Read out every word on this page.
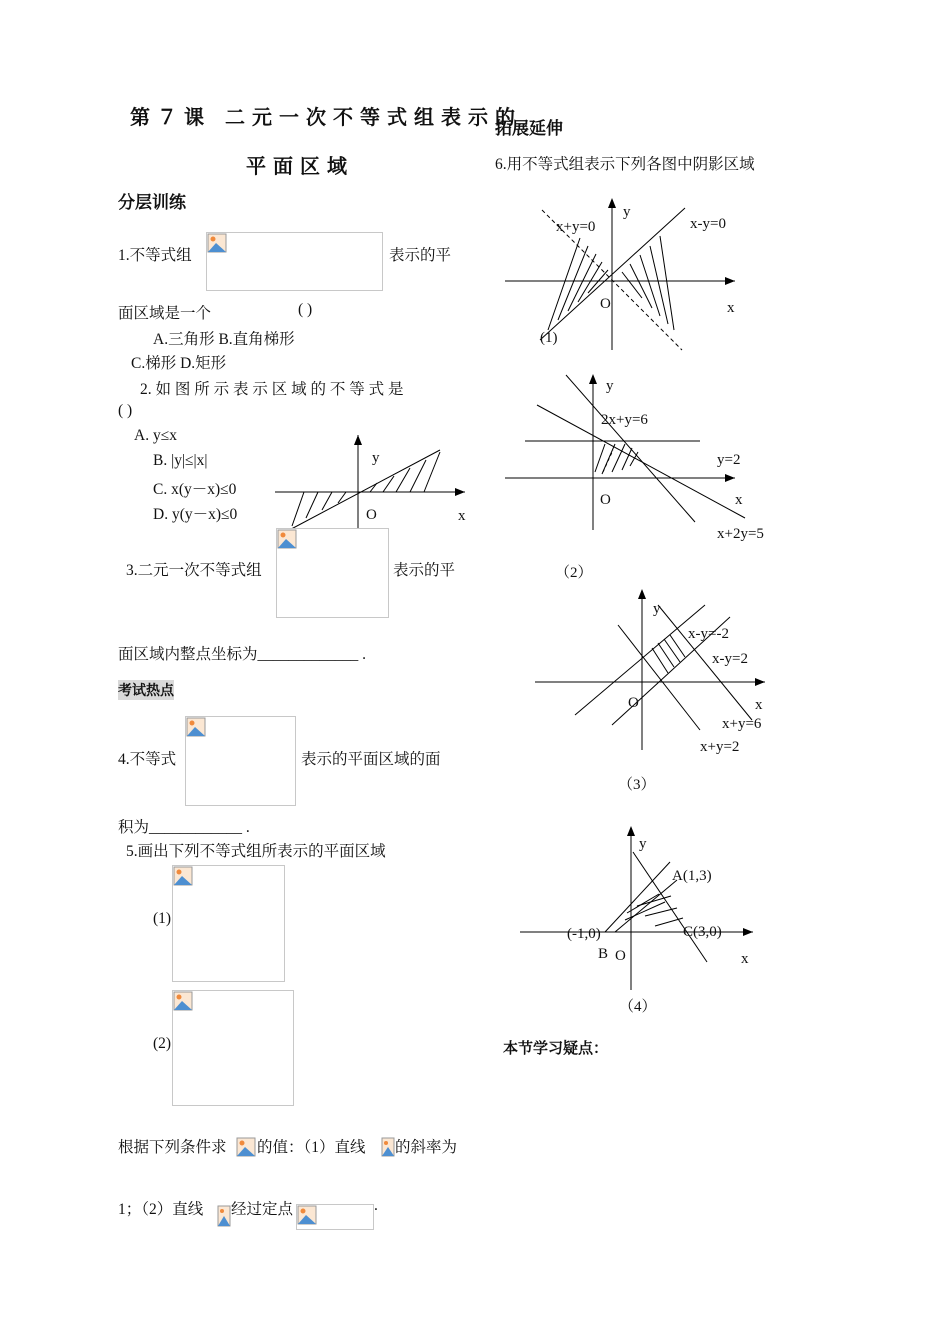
第７课 二元一次不等式组表示的
平面区域
分层训练
1.不等式组	表示的平
面区域是一个	( )
A.三角形 B.直角梯形
C.梯形 D.矩形
2. 如 图 所 示 表 示 区 域 的 不 等 式 是
( )
A. y≤x
B. |y|≤|x|
C. x(y－x)≤0
D. y(y－x)≤0
y
O	x
3.二元一次不等式组	表示的平
面区域内整点坐标为_____________ .
考试热点
4.不等式	表示的平面区域的面
积为____________ .
5.画出下列不等式组所表示的平面区域
(1)
(2)
根据下列条件求 的值：（1）直线 的斜率为
1；（2）直线 经过定点	.
拓展延伸
6.用不等式组表示下列各图中阴影区域
x+y=0	x-y=0
y
x
O
(1)
y
2x+y=6
y=2
O	x
x+2y=5
（2）
y
x-y=-2
x-y=2
x
O
x+y=6
x+y=2
（3）
y
A(1,3)
(-1,0)	C(3,0)
B O	x
（4）
本节学习疑点：
